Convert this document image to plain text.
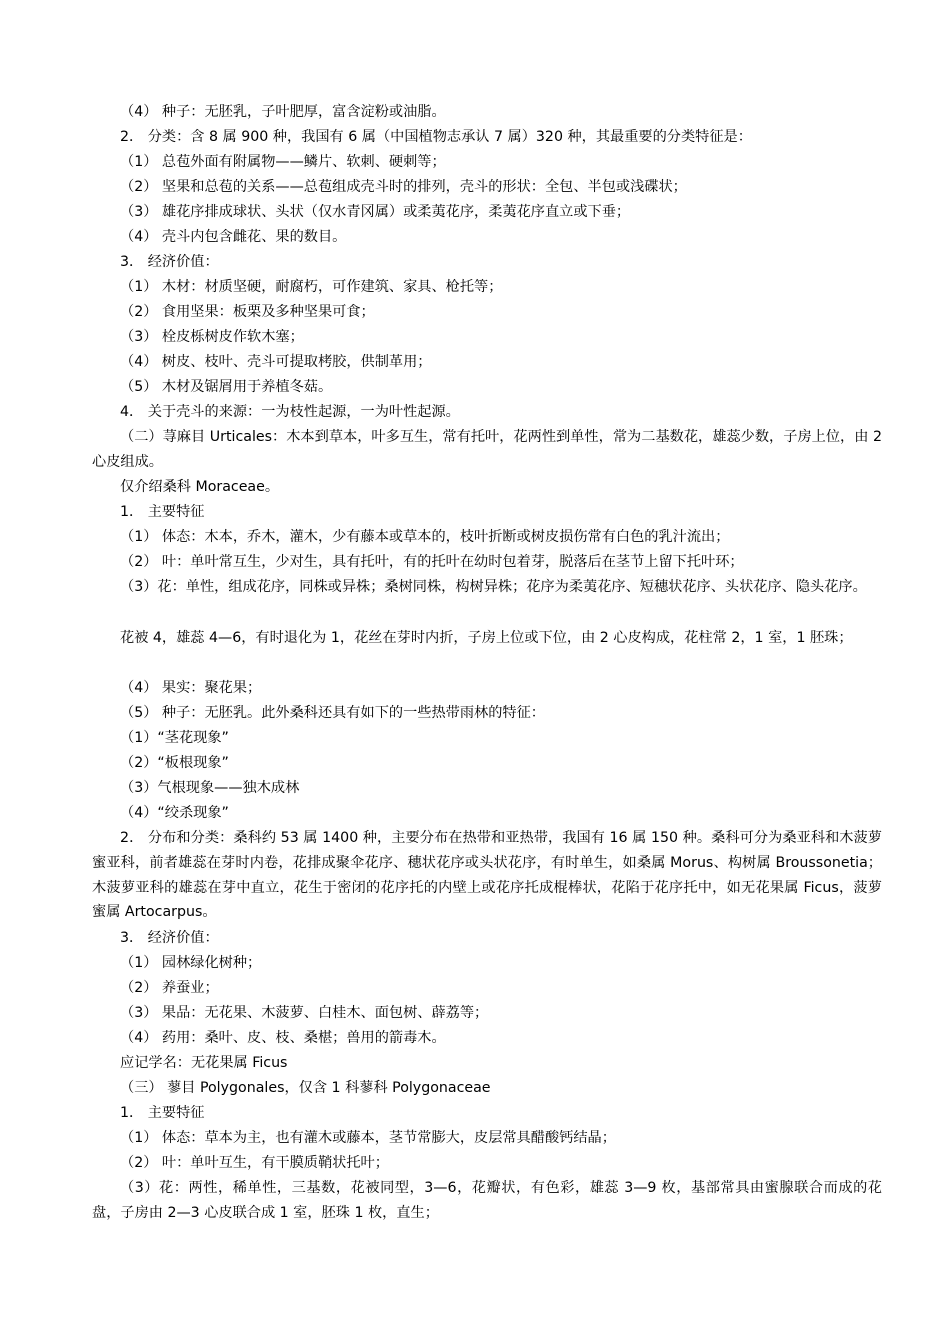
（4） 种子：无胚乳，子叶肥厚，富含淀粉或油脂。

2． 分类：含 8 属 900 种，我国有 6 属（中国植物志承认 7 属）320 种，其最重要的分类特征是：

（1） 总苞外面有附属物——鳞片、软刺、硬刺等；

（2） 坚果和总苞的关系——总苞组成壳斗时的排列，壳斗的形状：全包、半包或浅碟状；

（3） 雄花序排成球状、头状（仅水青冈属）或柔荑花序，柔荑花序直立或下垂；

（4） 壳斗内包含雌花、果的数目。

3． 经济价值：

（1） 木材：材质坚硬，耐腐朽，可作建筑、家具、枪托等；

（2） 食用坚果：板栗及多种坚果可食；

（3） 栓皮栎树皮作软木塞；

（4） 树皮、枝叶、壳斗可提取栲胶，供制革用；

（5） 木材及锯屑用于养植冬菇。

4． 关于壳斗的来源：一为枝性起源，一为叶性起源。

（二）荨麻目 Urticales：木本到草本，叶多互生，常有托叶，花两性到单性，常为二基数花，雄蕊少数，子房上位，由 2 心皮组成。

仅介绍桑科 Moraceae。

1． 主要特征

（1） 体态：木本，乔木，灌木，少有藤本或草本的，枝叶折断或树皮损伤常有白色的乳汁流出；

（2） 叶：单叶常互生，少对生，具有托叶，有的托叶在幼时包着芽，脱落后在茎节上留下托叶环；

（3）花：单性，组成花序，同株或异株；桑树同株，构树异株；花序为柔荑花序、短穗状花序、头状花序、隐头花序。

花被 4，雄蕊 4—6，有时退化为 1，花丝在芽时内折，子房上位或下位，由 2 心皮构成，花柱常 2，1 室，1 胚珠；

（4） 果实：聚花果；

（5） 种子：无胚乳。此外桑科还具有如下的一些热带雨林的特征：

（1）“茎花现象”

（2）“板根现象”

（3）气根现象——独木成林

（4）“绞杀现象”

2． 分布和分类：桑科约 53 属 1400 种，主要分布在热带和亚热带，我国有 16 属 150 种。桑科可分为桑亚科和木菠萝蜜亚科，前者雄蕊在芽时内卷，花排成聚伞花序、穗状花序或头状花序，有时单生，如桑属 Morus、构树属 Broussonetia；木菠萝亚科的雄蕊在芽中直立，花生于密闭的花序托的内壁上或花序托成棍棒状，花陷于花序托中，如无花果属 Ficus，菠萝蜜属 Artocarpus。

3． 经济价值：

（1） 园林绿化树种；

（2） 养蚕业；

（3） 果品：无花果、木菠萝、白桂木、面包树、薜荔等；

（4） 药用：桑叶、皮、枝、桑椹；兽用的箭毒木。

应记学名：无花果属 Ficus

（三） 蓼目 Polygonales，仅含 1 科蓼科 Polygonaceae

1． 主要特征

（1） 体态：草本为主，也有灌木或藤本，茎节常膨大，皮层常具醋酸钙结晶；

（2） 叶：单叶互生，有干膜质鞘状托叶；

（3）花：两性，稀单性，三基数，花被同型，3—6，花瓣状，有色彩，雄蕊 3—9 枚，基部常具由蜜腺联合而成的花盘，子房由 2—3 心皮联合成 1 室，胚珠 1 枚，直生；
